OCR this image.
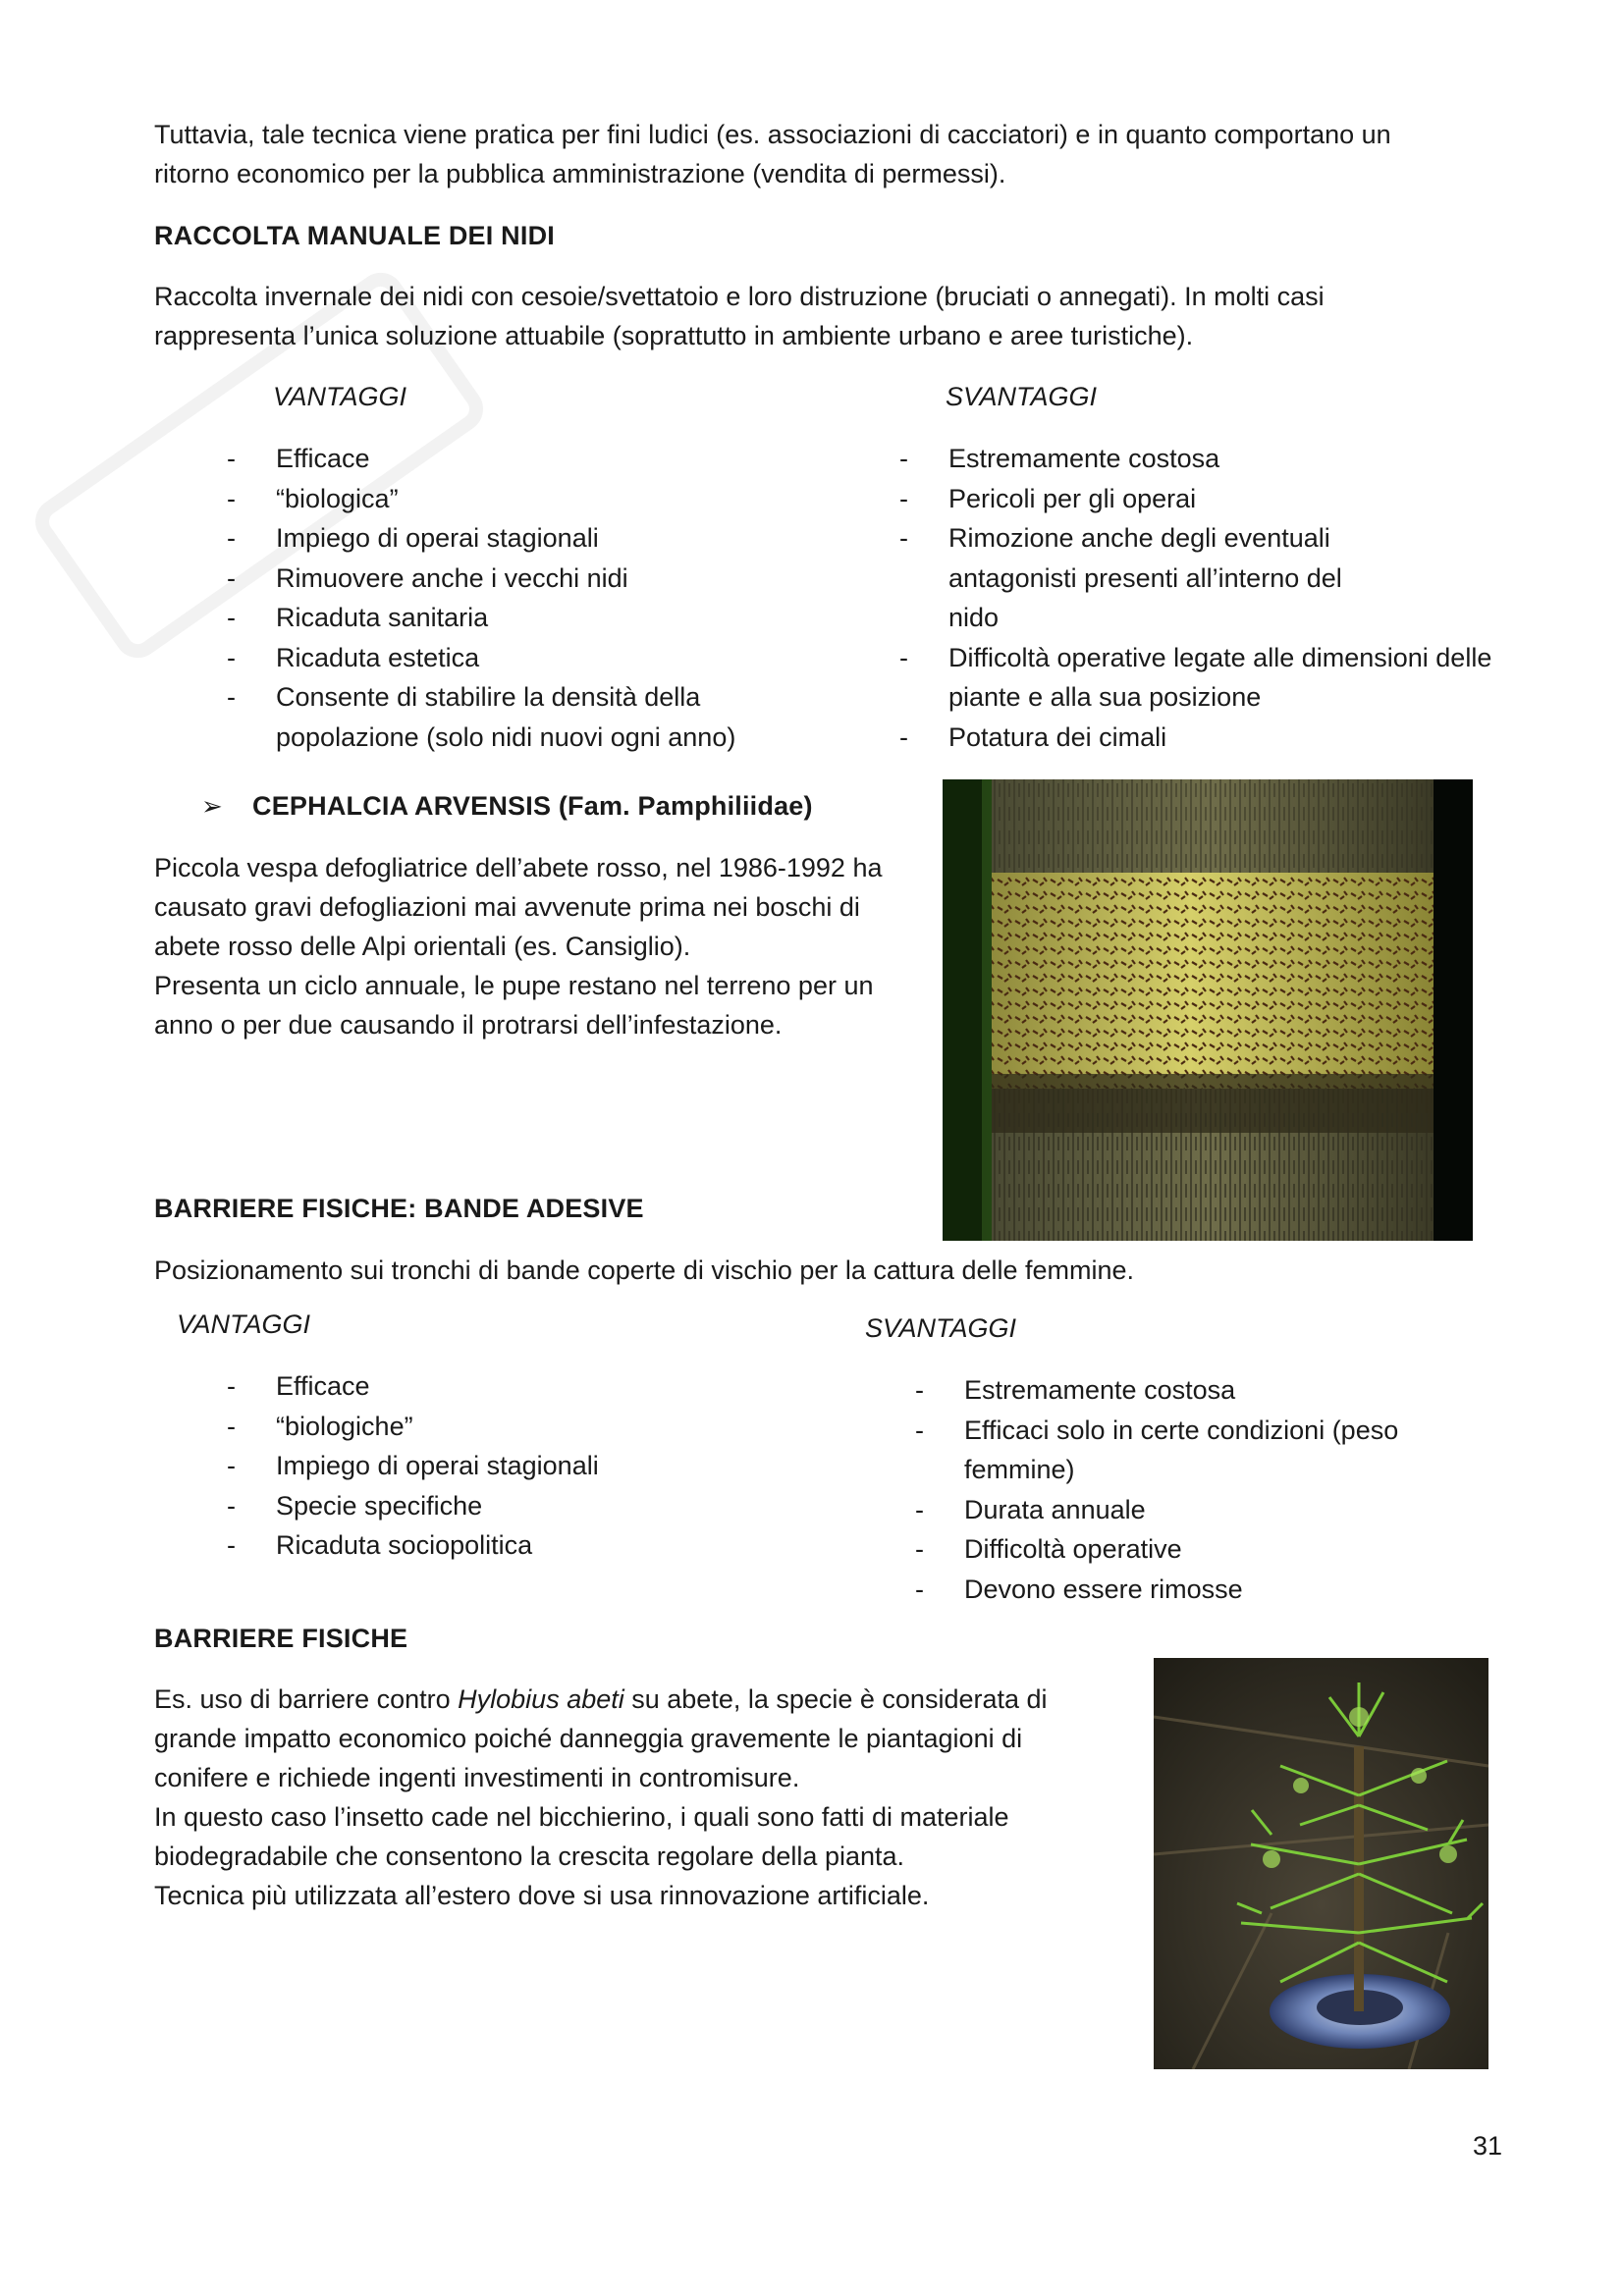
Tuttavia, tale tecnica viene pratica per fini ludici (es. associazioni di cacciatori) e in quanto comportano un

ritorno economico per la pubblica amministrazione (vendita di permessi).

RACCOLTA MANUALE DEI NIDI

Raccolta invernale dei nidi con cesoie/svettatoio e loro distruzione (bruciati o annegati). In molti casi

rappresenta l’unica soluzione attuabile (soprattutto in ambiente urbano e aree turistiche).

VANTAGGI	SVANTAGGI
- Efficace
- “biologica”
- Impiego di operai stagionali
- Rimuovere anche i vecchi nidi
- Ricaduta sanitaria
- Ricaduta estetica
- Consente di stabilire la densità della popolazione (solo nidi nuovi ogni anno)
- Estremamente costosa
- Pericoli per gli operai
- Rimozione anche degli eventuali antagonisti presenti all’interno del nido
- Difficoltà operative legate alle dimensioni delle piante e alla sua posizione
- Potatura dei cimali
➢ CEPHALCIA ARVENSIS (Fam. Pamphiliidae)

Piccola vespa defogliatrice dell’abete rosso, nel 1986-1992 ha

causato gravi defogliazioni mai avvenute prima nei boschi di

abete rosso delle Alpi orientali (es. Cansiglio).

Presenta un ciclo annuale, le pupe restano nel terreno per un

anno o per due causando il protrarsi dell’infestazione.

BARRIERE FISICHE: BANDE ADESIVE
Posizionamento sui tronchi di bande coperte di vischio per la cattura delle femmine.
VANTAGGI	SVANTAGGI
- Efficace
- “biologiche”
- Impiego di operai stagionali
- Specie specifiche
- Ricaduta sociopolitica
- Estremamente costosa
- Efficaci solo in certe condizioni (peso femmine)
- Durata annuale
- Difficoltà operative
- Devono essere rimosse
BARRIERE FISICHE

Es. uso di barriere contro Hylobius abeti su abete, la specie è considerata di

grande impatto economico poiché danneggia gravemente le piantagioni di

conifere e richiede ingenti investimenti in contromisure.

In questo caso l’insetto cade nel bicchierino, i quali sono fatti di materiale

biodegradabile che consentono la crescita regolare della pianta.

Tecnica più utilizzata all’estero dove si usa rinnovazione artificiale.

31
